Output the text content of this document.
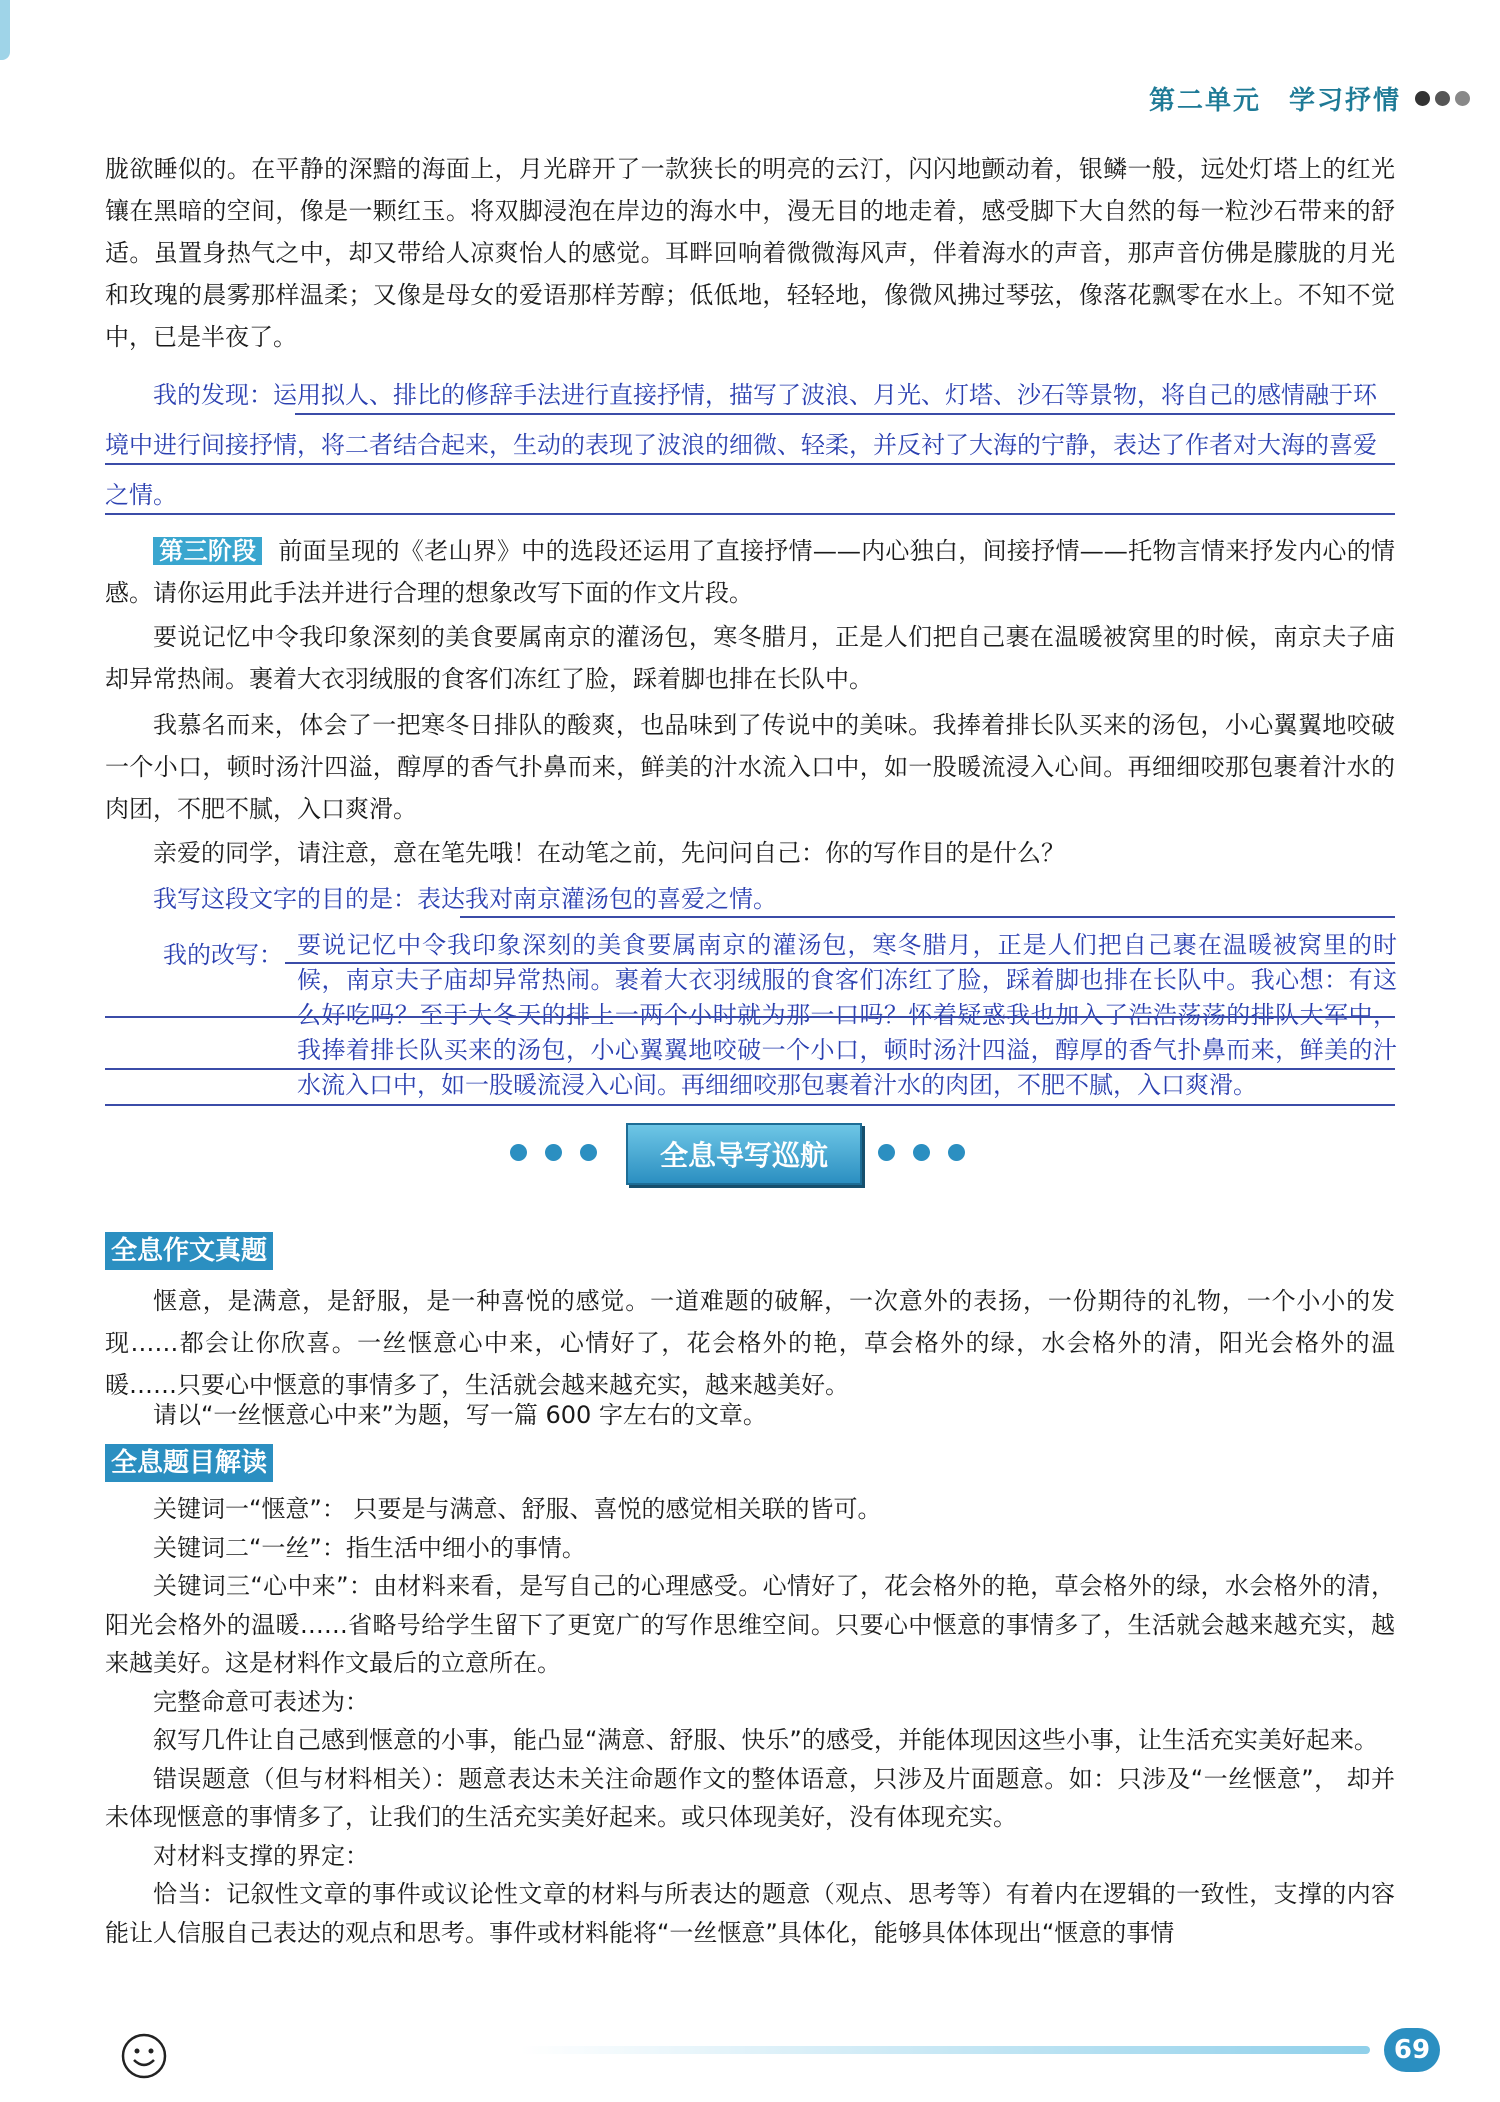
第二单元　学习抒情
胧欲睡似的。在平静的深黯的海面上，月光辟开了一款狭长的明亮的云汀，闪闪地颤动着，银鳞一般，远处灯塔上的红光镶在黑暗的空间，像是一颗红玉。将双脚浸泡在岸边的海水中，漫无目的地走着，感受脚下大自然的每一粒沙石带来的舒适。虽置身热气之中，却又带给人凉爽怡人的感觉。耳畔回响着微微海风声，伴着海水的声音，那声音仿佛是朦胧的月光和玫瑰的晨雾那样温柔；又像是母女的爱语那样芳醇；低低地，轻轻地，像微风拂过琴弦，像落花飘零在水上。不知不觉中，已是半夜了。
我的发现：运用拟人、排比的修辞手法进行直接抒情，描写了波浪、月光、灯塔、沙石等景物，将自己的感情融于环境中进行间接抒情，将二者结合起来，生动的表现了波浪的细微、轻柔，并反衬了大海的宁静，表达了作者对大海的喜爱之情。
第三阶段 前面呈现的《老山界》中的选段还运用了直接抒情——内心独白，间接抒情——托物言情来抒发内心的情感。请你运用此手法并进行合理的想象改写下面的作文片段。
要说记忆中令我印象深刻的美食要属南京的灌汤包，寒冬腊月，正是人们把自己裹在温暖被窝里的时候，南京夫子庙却异常热闹。裹着大衣羽绒服的食客们冻红了脸，踩着脚也排在长队中。
我慕名而来，体会了一把寒冬日排队的酸爽，也品味到了传说中的美味。我捧着排长队买来的汤包，小心翼翼地咬破一个小口，顿时汤汁四溢，醇厚的香气扑鼻而来，鲜美的汁水流入口中，如一股暖流浸入心间。再细细咬那包裹着汁水的肉团，不肥不腻，入口爽滑。
亲爱的同学，请注意，意在笔先哦！在动笔之前，先问问自己：你的写作目的是什么？
我写这段文字的目的是：表达我对南京灌汤包的喜爱之情。
我的改写： 要说记忆中令我印象深刻的美食要属南京的灌汤包，寒冬腊月，正是人们把自己裹在温暖被窝里的时候，南京夫子庙却异常热闹。裹着大衣羽绒服的食客们冻红了脸，踩着脚也排在长队中。我心想：有这么好吃吗？至于大冬天的排上一两个小时就为那一口吗？怀着疑惑我也加入了浩浩荡荡的排队大军中，我捧着排长队买来的汤包，小心翼翼地咬破一个小口，顿时汤汁四溢，醇厚的香气扑鼻而来，鲜美的汁水流入口中，如一股暖流浸入心间。再细细咬那包裹着汁水的肉团，不肥不腻，入口爽滑。
全息导写巡航
全息作文真题
惬意，是满意，是舒服，是一种喜悦的感觉。一道难题的破解，一次意外的表扬，一份期待的礼物，一个小小的发现……都会让你欣喜。一丝惬意心中来，心情好了，花会格外的艳，草会格外的绿，水会格外的清，阳光会格外的温暖……只要心中惬意的事情多了，生活就会越来越充实，越来越美好。
请以“一丝惬意心中来”为题，写一篇 600 字左右的文章。
全息题目解读
关键词一“惬意”： 只要是与满意、舒服、喜悦的感觉相关联的皆可。
关键词二“一丝”：指生活中细小的事情。
关键词三“心中来”：由材料来看，是写自己的心理感受。心情好了，花会格外的艳，草会格外的绿，水会格外的清，阳光会格外的温暖……省略号给学生留下了更宽广的写作思维空间。只要心中惬意的事情多了，生活就会越来越充实，越来越美好。这是材料作文最后的立意所在。
完整命意可表述为：
叙写几件让自己感到惬意的小事，能凸显“满意、舒服、快乐”的感受，并能体现因这些小事，让生活充实美好起来。
错误题意（但与材料相关）：题意表达未关注命题作文的整体语意，只涉及片面题意。如：只涉及“一丝惬意”， 却并未体现惬意的事情多了，让我们的生活充实美好起来。或只体现美好，没有体现充实。
对材料支撑的界定：
恰当：记叙性文章的事件或议论性文章的材料与所表达的题意（观点、思考等）有着内在逻辑的一致性，支撑的内容能让人信服自己表达的观点和思考。事件或材料能将“一丝惬意”具体化，能够具体体现出“惬意的事情
69
